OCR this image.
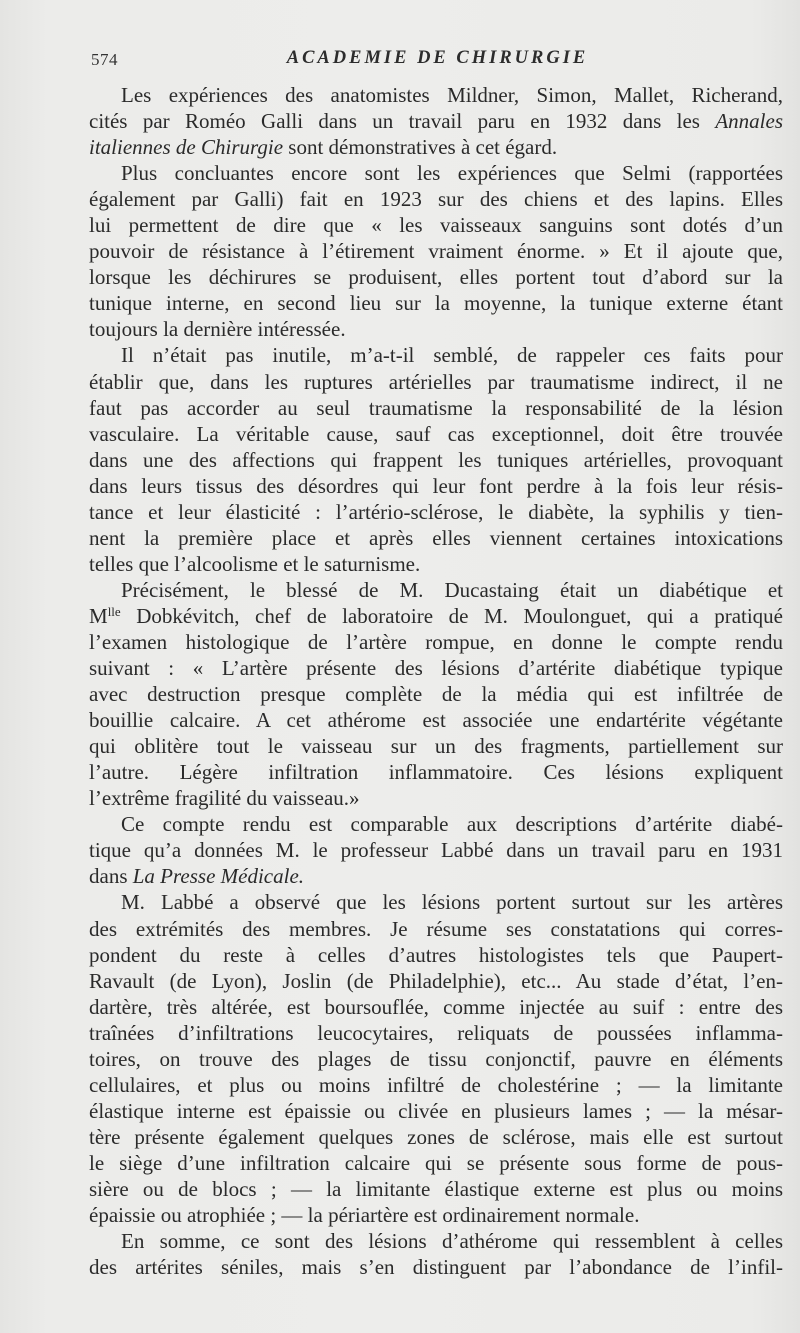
574	ACADEMIE DE CHIRURGIE
Les expériences des anatomistes Mildner, Simon, Mallet, Richerand,
cités par Roméo Galli dans un travail paru en 1932 dans les Annales
italiennes de Chirurgie sont démonstratives à cet égard.
Plus concluantes encore sont les expériences que Selmi (rapportées
également par Galli) fait en 1923 sur des chiens et des lapins. Elles
lui permettent de dire que « les vaisseaux sanguins sont dotés d’un
pouvoir de résistance à l’étirement vraiment énorme. » Et il ajoute que,
lorsque les déchirures se produisent, elles portent tout d’abord sur la
tunique interne, en second lieu sur la moyenne, la tunique externe étant
toujours la dernière intéressée.
Il n’était pas inutile, m’a-t-il semblé, de rappeler ces faits pour
établir que, dans les ruptures artérielles par traumatisme indirect, il ne
faut pas accorder au seul traumatisme la responsabilité de la lésion
vasculaire. La véritable cause, sauf cas exceptionnel, doit être trouvée
dans une des affections qui frappent les tuniques artérielles, provoquant
dans leurs tissus des désordres qui leur font perdre à la fois leur résis-
tance et leur élasticité : l’artério-sclérose, le diabète, la syphilis y tien-
nent la première place et après elles viennent certaines intoxications
telles que l’alcoolisme et le saturnisme.
Précisément, le blessé de M. Ducastaing était un diabétique et
$M^{lle}$ Dobkévitch, chef de laboratoire de M. Moulonguet, qui a pratiqué
l’examen histologique de l’artère rompue, en donne le compte rendu
suivant : « L’artère présente des lésions d’artérite diabétique typique
avec destruction presque complète de la média qui est infiltrée de
bouillie calcaire. A cet athérome est associée une endartérite végétante
qui oblitère tout le vaisseau sur un des fragments, partiellement sur
l’autre. Légère infiltration inflammatoire. Ces lésions expliquent
l’extrême fragilité du vaisseau.»
Ce compte rendu est comparable aux descriptions d’artérite diabé-
tique qu’a données M. le professeur Labbé dans un travail paru en 1931
dans La Presse Médicale.
M. Labbé a observé que les lésions portent surtout sur les artères
des extrémités des membres. Je résume ses constatations qui corres-
pondent du reste à celles d’autres histologistes tels que Paupert-
Ravault (de Lyon), Joslin (de Philadelphie), etc... Au stade d’état, l’en-
dartère, très altérée, est boursouflée, comme injectée au suif : entre des
traînées d’infiltrations leucocytaires, reliquats de poussées inflamma-
toires, on trouve des plages de tissu conjonctif, pauvre en éléments
cellulaires, et plus ou moins infiltré de cholestérine ; — la limitante
élastique interne est épaissie ou clivée en plusieurs lames ; — la mésar-
tère présente également quelques zones de sclérose, mais elle est surtout
le siège d’une infiltration calcaire qui se présente sous forme de pous-
sière ou de blocs ; — la limitante élastique externe est plus ou moins
épaissie ou atrophiée ; — la périartère est ordinairement normale.
En somme, ce sont des lésions d’athérome qui ressemblent à celles
des artérites séniles, mais s’en distinguent par l’abondance de l’infil-
